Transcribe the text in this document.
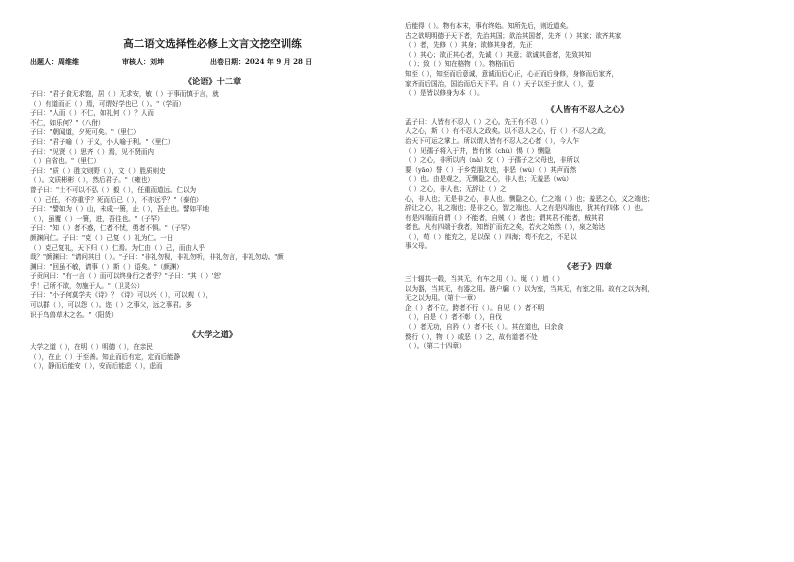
高二语文选择性必修上文言文挖空训练
出题人：周维维	审核人：刘坤	出卷日期：2024 年 9 月 28 日
《论语》十二章
子曰："君子食无求饱，居（ ）无求安，敏（ ）于事而慎于言，就
（ ）有道而正（ ）焉，可谓好学也已（ ）。"（学而）
子曰："人而（ ）不仁，如礼何（ ）？人而
不仁，如乐何？"（八佾）
子曰："朝闻道，夕死可矣。"（里仁）
子曰："君子喻（ ）于义，小人喻于利。"（里仁）
子曰："见贤（ ）思齐（ ）焉，见不贤而内
（ ）自省也。"（里仁）
子曰："质（ ）胜文则野（ ），文（ ）胜质则史
（ ）。文质彬彬（ ），然后君子。"（雍也）
曾子曰："士不可以不弘（ ）毅（ ），任重而道远。仁以为
（ ）己任，不亦重乎？死而后已（ ），不亦远乎？"（泰伯）
子曰："譬如为（ ）山，未成一篑，止（ ），吾止也。譬如平地
（ ），虽覆（ ）一篑，进，吾往也。"（子罕）
子曰："知（ ）者不惑，仁者不忧，勇者不惧。"（子罕）
颜渊问仁。子曰："克（ ）己复（ ）礼为仁。一日
（ ）克己复礼，天下归（ ）仁焉。为仁由（ ）己，而由人乎
哉？"颜渊曰："请问其目（ ）。"子曰："非礼勿视，非礼勿听，非礼勿言，非礼勿动。"颜
渊曰："回虽不敏，请事（ ）斯（ ）语矣。"（颜渊）
子贡问曰："有一言（ ）而可以终身行之者乎？"子曰："其（ ）'恕'
乎！己所不欲，勿施于人。"（卫灵公）
子曰："小子何莫学夫《诗》？《诗》可以兴（ ），可以观（ ），
可以群（ ），可以怨（ ）。迩（ ）之事父，远之事君。多
识于鸟兽草木之名。"（阳货）
《大学之道》
大学之道（ ），在明（ ）明德（ ），在亲民
（ ），在止（ ）于至善。知止而后有定，定而后能静
（ ），静而后能安（ ），安而后能虑（ ），虑而
后能得（ ）。物有本末，事有终始。知所先后，则近道矣。
古之欲明明德于天下者，先治其国；欲治其国者，先齐（ ）其家；欲齐其家
（ ）者，先修（ ）其身；欲修其身者，先正
（ ）其心；欲正其心者，先诚（ ）其意；欲诚其意者，先致其知
（ ）；致（ ）知在格物（ ）。物格而后
知至（ ），知至而后意诚，意诚而后心正，心正而后身修，身修而后家齐，
家齐而后国治，国治而后天下平。自（ ）天子以至于庶人（ ），壹
（ ）是皆以修身为本（ ）。
《人皆有不忍人之心》
孟子曰：人皆有不忍人（ ）之心。先王有不忍（ ）
人之心，斯（ ）有不忍人之政矣。以不忍人之心，行（ ）不忍人之政，
治天下可运之掌上。所以谓人皆有不忍人之心者（ ），今人乍
（ ）见孺子将入于井，皆有怵（chù）惕（ ）恻隐
（ ）之心，非所以内（nà）交（ ）于孺子之父母也，非所以
要（yāo）誉（ ）于乡党朋友也，非恶（wù）（ ）其声而然
（ ）也。由是观之，无恻隐之心，非人也；无羞恶（wù）
（ ）之心，非人也；无辞让（ ）之
心，非人也；无是非之心，非人也。恻隐之心，仁之端（ ）也；羞恶之心，义之端也；
辞让之心，礼之端也；是非之心，智之端也。人之有是四端也，犹其有四体（ ）也。
有是四端而自谓（ ）不能者，自贼（ ）者也；谓其君不能者，贼其君
者也。凡有四端于我者，知皆扩而充之矣，若火之始然（ ），泉之始达
（ ），苟（ ）能充之，足以保（ ）四海；苟不充之，不足以
事父母。
《老子》四章
三十辐共一毂，当其无，有车之用（ ）。埏（ ）埴（ ）
以为器，当其无，有器之用。凿户牖（ ）以为室，当其无，有室之用。故有之以为利，
无之以为用。（第十一章）
企（ ）者不立，跨者不行（ ）。自见（ ）者不明
（ ），自是（ ）者不彰（ ），自伐
（ ）者无功，自矜（ ）者不长（ ）。其在道也，曰余食
赘行（ ），物（ ）或恶（ ）之，故有道者不处
（ ）。（第二十四章）
